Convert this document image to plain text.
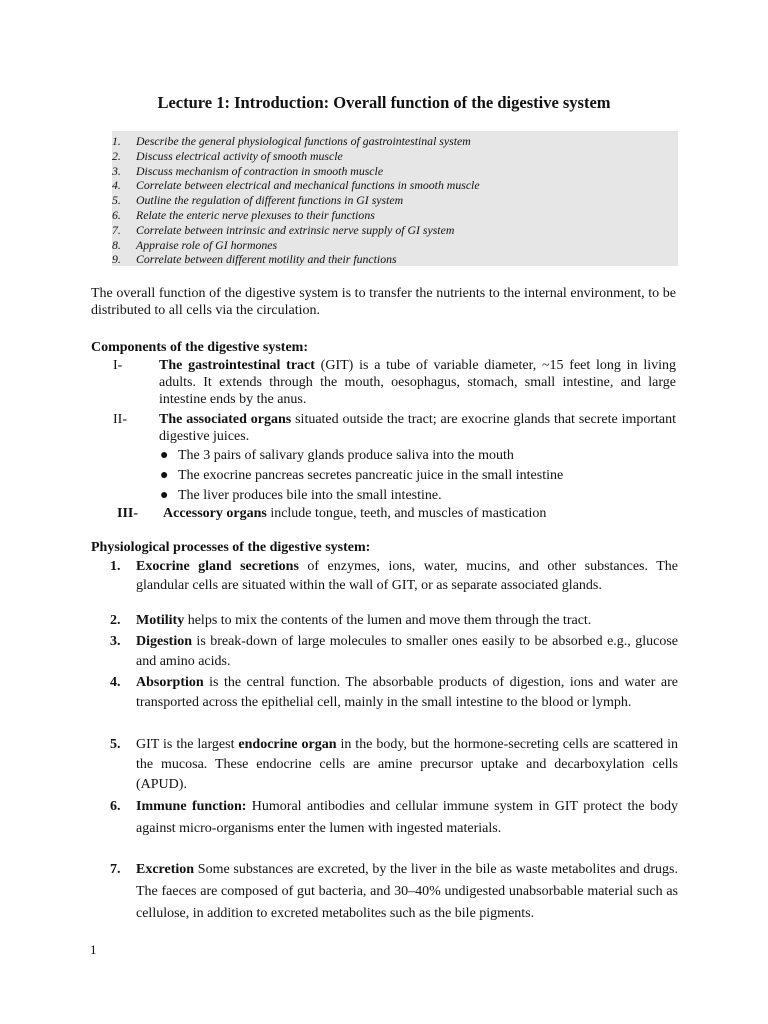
Lecture 1: Introduction: Overall function of the digestive system
1.	Describe the general physiological functions of gastrointestinal system
2.	Discuss electrical activity of smooth muscle
3.	Discuss mechanism of contraction in smooth muscle
4.	Correlate between electrical and mechanical functions in smooth muscle
5.	Outline the regulation of different functions in GI system
6.	Relate the enteric nerve plexuses to their functions
7.	Correlate between intrinsic and extrinsic nerve supply of GI system
8.	Appraise role of GI hormones
9.	Correlate between different motility and their functions
The overall function of the digestive system is to transfer the nutrients to the internal environment, to be distributed to all cells via the circulation.
Components of the digestive system:
I-	The gastrointestinal tract (GIT) is a tube of variable diameter, ~15 feet long in living adults. It extends through the mouth, oesophagus, stomach, small intestine, and large intestine ends by the anus.
II- The associated organs situated outside the tract; are exocrine glands that secrete important digestive juices.
● The 3 pairs of salivary glands produce saliva into the mouth
● The exocrine pancreas secretes pancreatic juice in the small intestine
● The liver produces bile into the small intestine.
III- Accessory organs include tongue, teeth, and muscles of mastication
Physiological processes of the digestive system:
1. Exocrine gland secretions of enzymes, ions, water, mucins, and other substances. The glandular cells are situated within the wall of GIT, or as separate associated glands.
2. Motility helps to mix the contents of the lumen and move them through the tract.
3. Digestion is break-down of large molecules to smaller ones easily to be absorbed e.g., glucose and amino acids.
4. Absorption is the central function. The absorbable products of digestion, ions and water are transported across the epithelial cell, mainly in the small intestine to the blood or lymph.
5. GIT is the largest endocrine organ in the body, but the hormone-secreting cells are scattered in the mucosa. These endocrine cells are amine precursor uptake and decarboxylation cells (APUD).
6. Immune function: Humoral antibodies and cellular immune system in GIT protect the body against micro-organisms enter the lumen with ingested materials.
7. Excretion Some substances are excreted, by the liver in the bile as waste metabolites and drugs. The faeces are composed of gut bacteria, and 30–40% undigested unabsorbable material such as cellulose, in addition to excreted metabolites such as the bile pigments.
1
